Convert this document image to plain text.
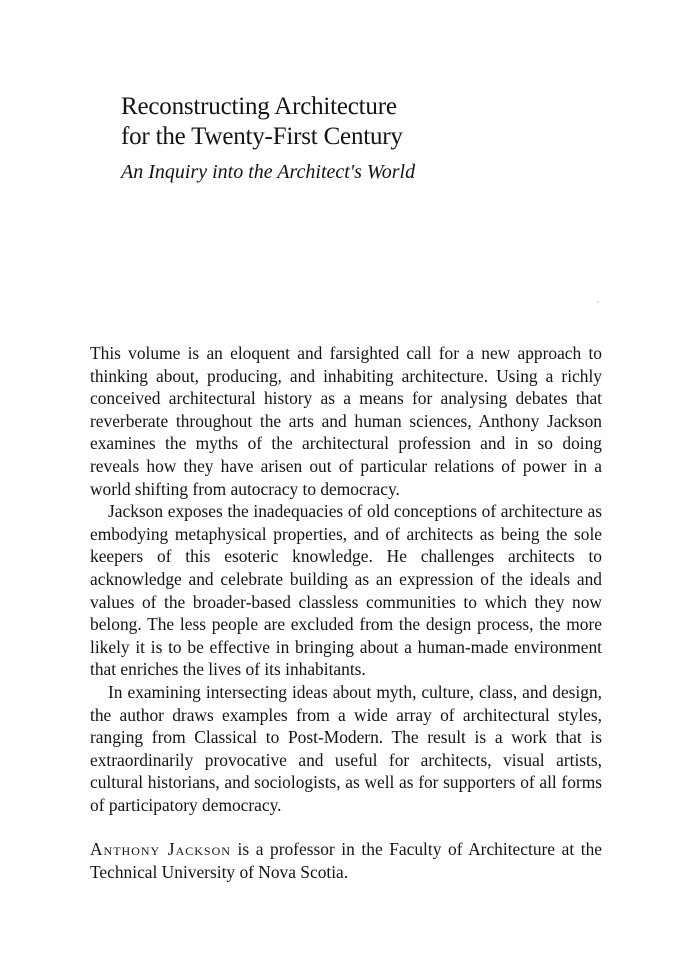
Reconstructing Architecture
for the Twenty-First Century
An Inquiry into the Architect's World

This volume is an eloquent and farsighted call for a new approach to thinking about, producing, and inhabiting architecture. Using a richly conceived architectural history as a means for analysing debates that reverberate throughout the arts and human sciences, Anthony Jackson examines the myths of the architectural profession and in so doing reveals how they have arisen out of particular relations of power in a world shifting from autocracy to democracy.

Jackson exposes the inadequacies of old conceptions of architecture as embodying metaphysical properties, and of architects as being the sole keepers of this esoteric knowledge. He challenges architects to acknowledge and celebrate building as an expression of the ideals and values of the broader-based classless communities to which they now belong. The less people are excluded from the design process, the more likely it is to be effective in bringing about a human-made environment that enriches the lives of its inhabitants.

In examining intersecting ideas about myth, culture, class, and design, the author draws examples from a wide array of architectural styles, ranging from Classical to Post-Modern. The result is a work that is extraordinarily provocative and useful for architects, visual artists, cultural historians, and sociologists, as well as for supporters of all forms of participatory democracy.

Anthony Jackson is a professor in the Faculty of Architecture at the Technical University of Nova Scotia.
